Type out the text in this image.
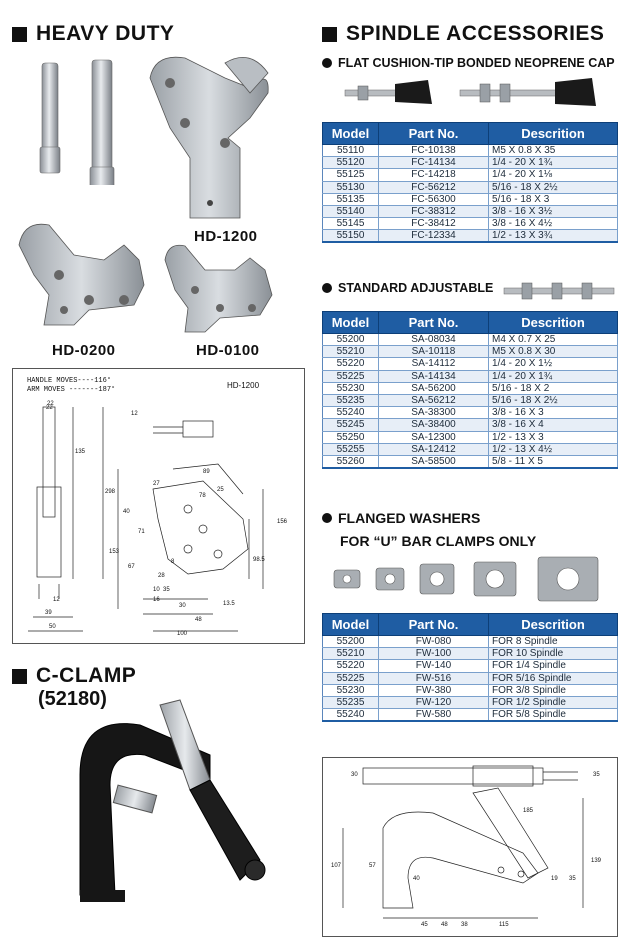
HEAVY DUTY
HD-1200
HD-0200	HD-0100
HANDLE MOVES----116°
ARM MOVES -------187°	HD-1200
22
22
135
298
153
12
39
50
12
27
89
25
78
40
71
67
28
8
35
16
30
48
13.5
100
98.5
156
10
C-CLAMP
(52180)
SPINDLE ACCESSORIES
FLAT CUSHION-TIP BONDED NEOPRENE CAP
Model	Part No.	Descrition
55110	FC-10138	M5 X 0.8 X 35
55120	FC-14134	1/4 - 20 X 1¾
55125	FC-14218	1/4 - 20 X 1⅛
55130	FC-56212	5/16 - 18 X 2½
55135	FC-56300	5/16 - 18 X 3
55140	FC-38312	3/8 - 16 X 3½
55145	FC-38412	3/8 - 16 X 4½
55150	FC-12334	1/2 - 13 X 3¾
STANDARD ADJUSTABLE
Model	Part No.	Descrition
55200	SA-08034	M4 X 0.7 X 25
55210	SA-10118	M5 X 0.8 X 30
55220	SA-14112	1/4 - 20 X 1½
55225	SA-14134	1/4 - 20 X 1¾
55230	SA-56200	5/16 - 18 X 2
55235	SA-56212	5/16 - 18 X 2½
55240	SA-38300	3/8 - 16 X 3
55245	SA-38400	3/8 - 16 X 4
55250	SA-12300	1/2 - 13 X 3
55255	SA-12412	1/2 - 13 X 4½
55260	SA-58500	5/8 - 11 X 5
FLANGED WASHERS
FOR “U” BAR CLAMPS ONLY
Model	Part No.	Descrition
55200	FW-080	FOR 8 Spindle
55210	FW-100	FOR 10 Spindle
55220	FW-140	FOR 1/4 Spindle
55225	FW-516	FOR 5/16 Spindle
55230	FW-380	FOR 3/8 Spindle
55235	FW-120	FOR 1/2 Spindle
55240	FW-580	FOR 5/8 Spindle
30	35
185
107	57
40
139
45 48 38	115
19 35
